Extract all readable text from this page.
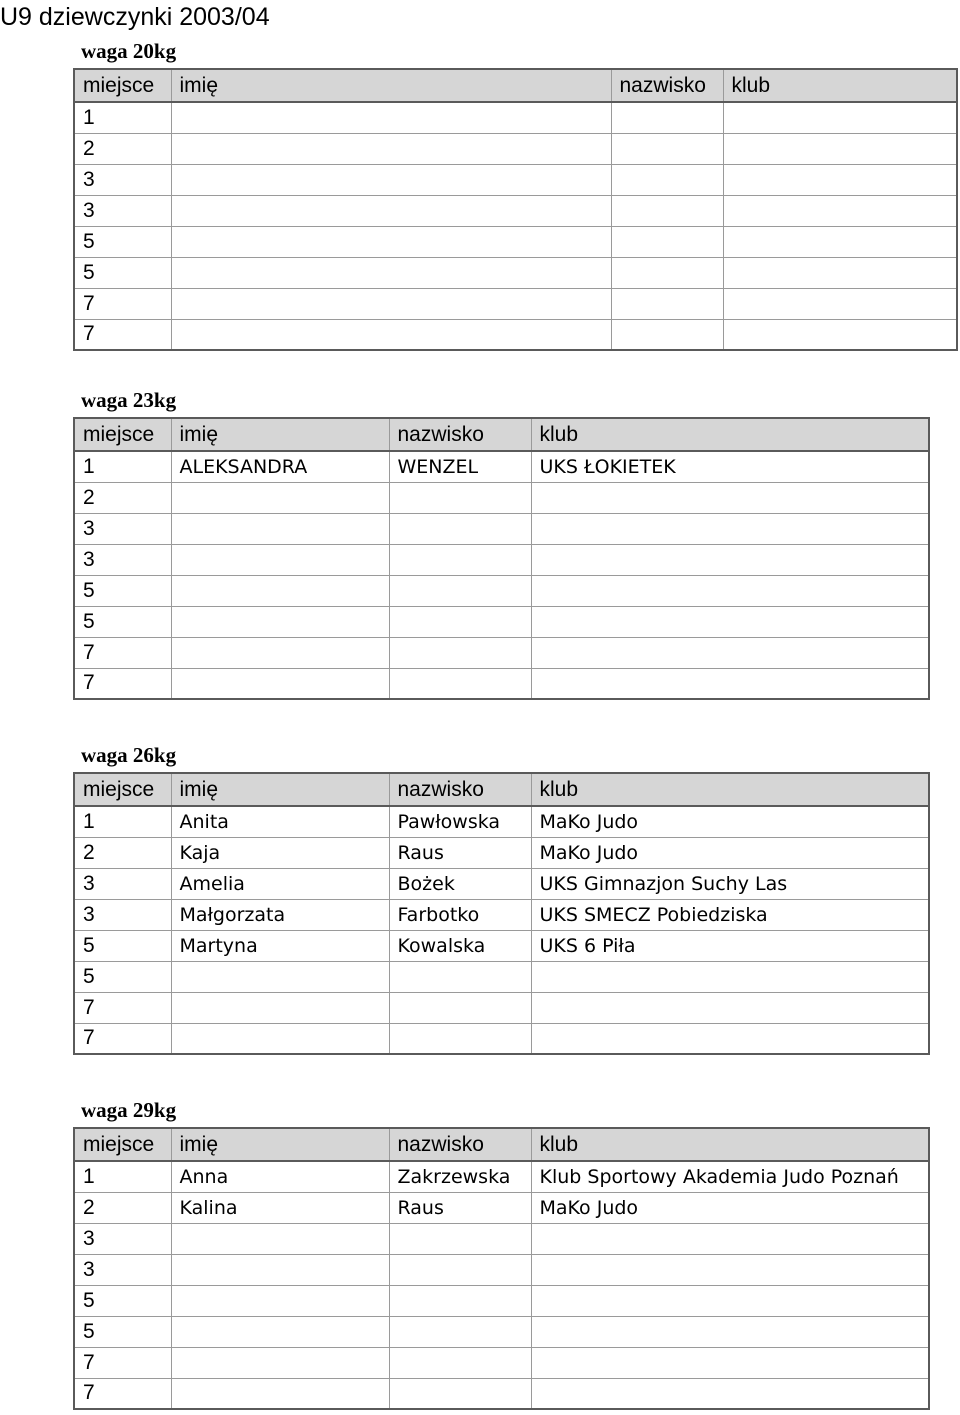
U9 dziewczynki 2003/04
waga 20kg
miejsce	imię	nazwisko	klub
1			
2			
3			
3			
5			
5			
7			
7			
waga 23kg
miejsce	imię	nazwisko	klub
1	ALEKSANDRA	WENZEL	UKS ŁOKIETEK
2			
3			
3			
5			
5			
7			
7			
waga 26kg
miejsce	imię	nazwisko	klub
1	Anita	Pawłowska	MaKo Judo
2	Kaja	Raus	MaKo Judo
3	Amelia	Bożek	UKS Gimnazjon Suchy Las
3	Małgorzata	Farbotko	UKS SMECZ Pobiedziska
5	Martyna	Kowalska	UKS 6 Piła
5			
7			
7			
waga 29kg
miejsce	imię	nazwisko	klub
1	Anna	Zakrzewska	Klub Sportowy Akademia Judo Poznań
2	Kalina	Raus	MaKo Judo
3			
3			
5			
5			
7			
7			
